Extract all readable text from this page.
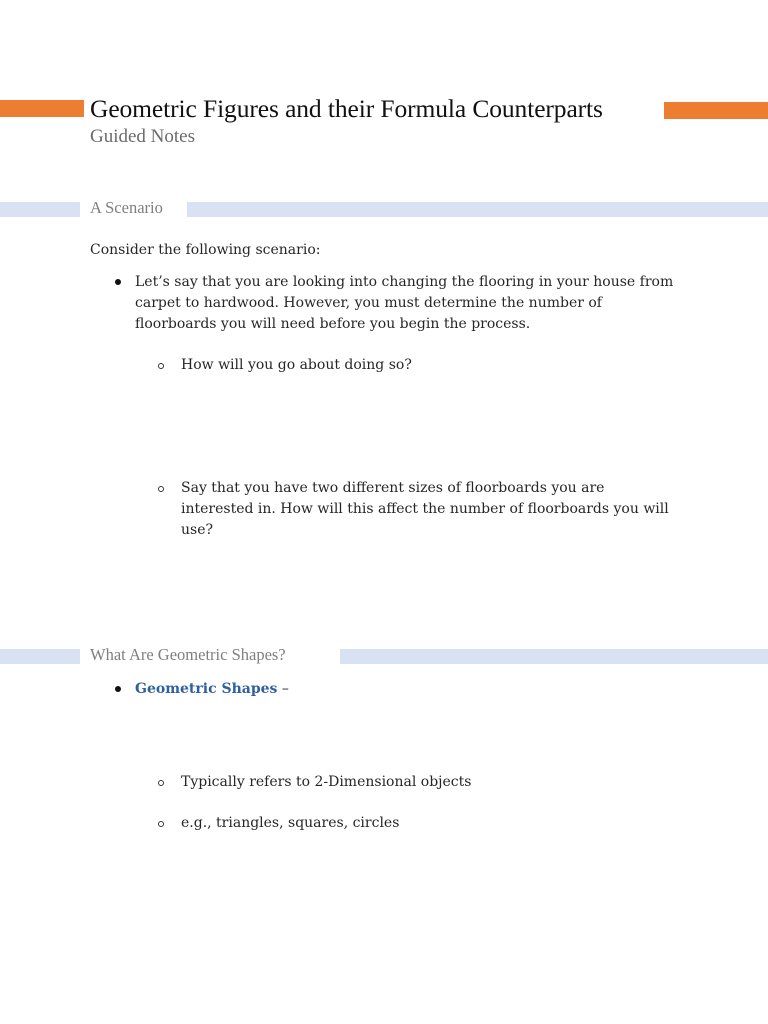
Geometric Figures and their Formula Counterparts
Guided Notes
A Scenario

Consider the following scenario:

Let’s say that you are looking into changing the flooring in your house from carpet to hardwood. However, you must determine the number of floorboards you will need before you begin the process.

How will you go about doing so?

Say that you have two different sizes of floorboards you are interested in. How will this affect the number of floorboards you will use?

What Are Geometric Shapes?

Geometric Shapes –

Typically refers to 2-Dimensional objects

e.g., triangles, squares, circles
